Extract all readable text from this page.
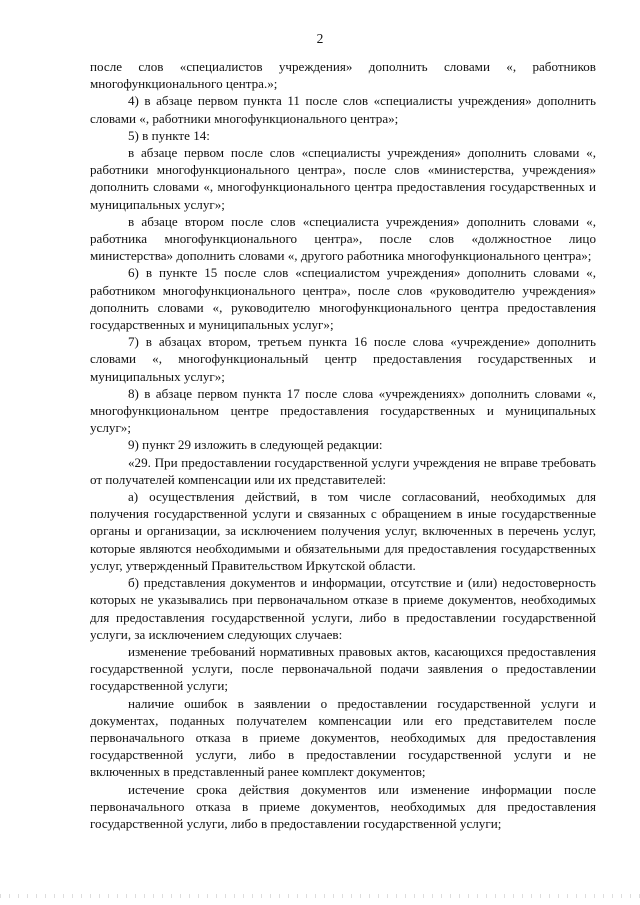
2

после слов «специалистов учреждения» дополнить словами «, работников многофункционального центра.»;

4) в абзаце первом пункта 11 после слов «специалисты учреждения» дополнить словами «, работники многофункционального центра»;

5) в пункте 14:

в абзаце первом после слов «специалисты учреждения» дополнить словами «, работники многофункционального центра», после слов «министерства, учреждения» дополнить словами «, многофункционального центра предоставления государственных и муниципальных услуг»;

в абзаце втором после слов «специалиста учреждения» дополнить словами «, работника многофункционального центра», после слов «должностное лицо министерства» дополнить словами «, другого работника многофункционального центра»;

6) в пункте 15 после слов «специалистом учреждения» дополнить словами «, работником многофункционального центра», после слов «руководителю учреждения» дополнить словами «, руководителю многофункционального центра предоставления государственных и муниципальных услуг»;

7) в абзацах втором, третьем пункта 16 после слова «учреждение» дополнить словами «, многофункциональный центр предоставления государственных и муниципальных услуг»;

8) в абзаце первом пункта 17 после слова «учреждениях» дополнить словами «, многофункциональном центре предоставления государственных и муниципальных услуг»;

9) пункт 29 изложить в следующей редакции:

«29. При предоставлении государственной услуги учреждения не вправе требовать от получателей компенсации или их представителей:

а) осуществления действий, в том числе согласований, необходимых для получения государственной услуги и связанных с обращением в иные государственные органы и организации, за исключением получения услуг, включенных в перечень услуг, которые являются необходимыми и обязательными для предоставления государственных услуг, утвержденный Правительством Иркутской области.

б) представления документов и информации, отсутствие и (или) недостоверность которых не указывались при первоначальном отказе в приеме документов, необходимых для предоставления государственной услуги, либо в предоставлении государственной услуги, за исключением следующих случаев:

изменение требований нормативных правовых актов, касающихся предоставления государственной услуги, после первоначальной подачи заявления о предоставлении государственной услуги;

наличие ошибок в заявлении о предоставлении государственной услуги и документах, поданных получателем компенсации или его представителем после первоначального отказа в приеме документов, необходимых для предоставления государственной услуги, либо в предоставлении государственной услуги и не включенных в представленный ранее комплект документов;

истечение срока действия документов или изменение информации после первоначального отказа в приеме документов, необходимых для предоставления государственной услуги, либо в предоставлении государственной услуги;
